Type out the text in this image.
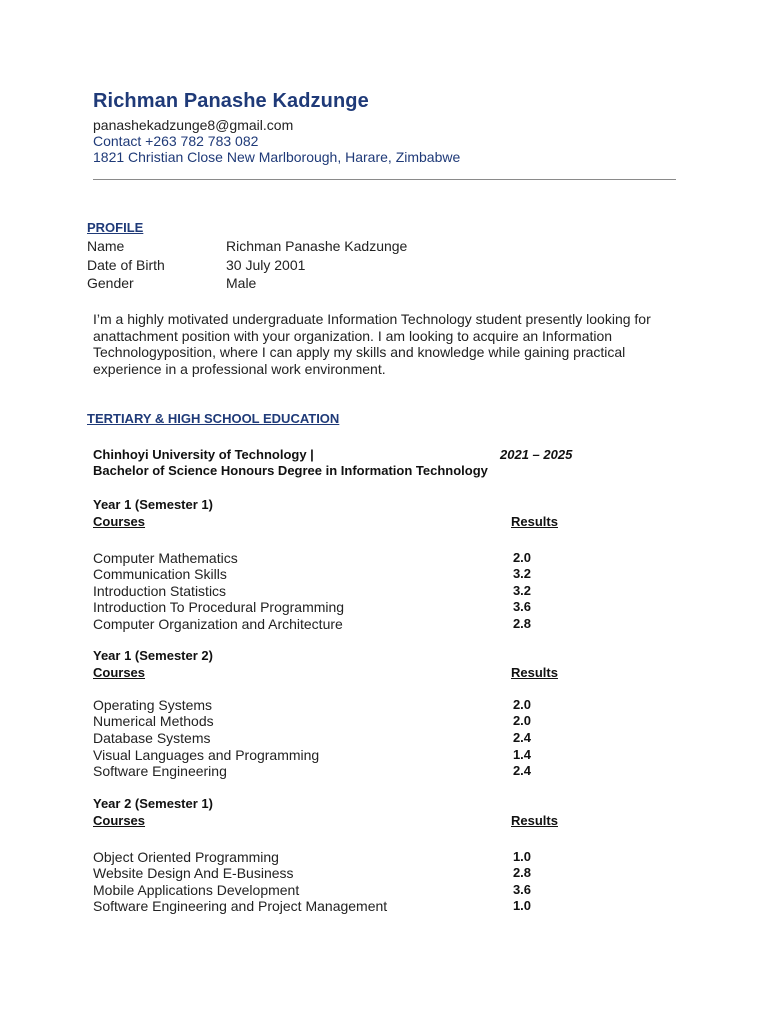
Richman Panashe Kadzunge
panashekadzunge8@gmail.com
Contact +263 782 783 082
1821 Christian Close New Marlborough, Harare, Zimbabwe
PROFILE
Name	Richman Panashe Kadzunge
Date of Birth	30 July 2001
Gender	Male
I’m a highly motivated undergraduate Information Technology student presently looking for anattachment position with your organization. I am looking to acquire an Information Technologyposition, where I can apply my skills and knowledge while gaining practical experience in a professional work environment.
TERTIARY & HIGH SCHOOL EDUCATION
Chinhoyi University of Technology |	2021 – 2025
Bachelor of Science Honours Degree in Information Technology
Year 1 (Semester 1)
Courses	Results
Computer Mathematics	2.0
Communication Skills	3.2
Introduction Statistics	3.2
Introduction To Procedural Programming	3.6
Computer Organization and Architecture	2.8
Year 1 (Semester 2)
Courses	Results
Operating Systems	2.0
Numerical Methods	2.0
Database Systems	2.4
Visual Languages and Programming	1.4
Software Engineering	2.4
Year 2 (Semester 1)
Courses	Results
Object Oriented Programming	1.0
Website Design And E-Business	2.8
Mobile Applications Development	3.6
Software Engineering and Project Management	1.0
